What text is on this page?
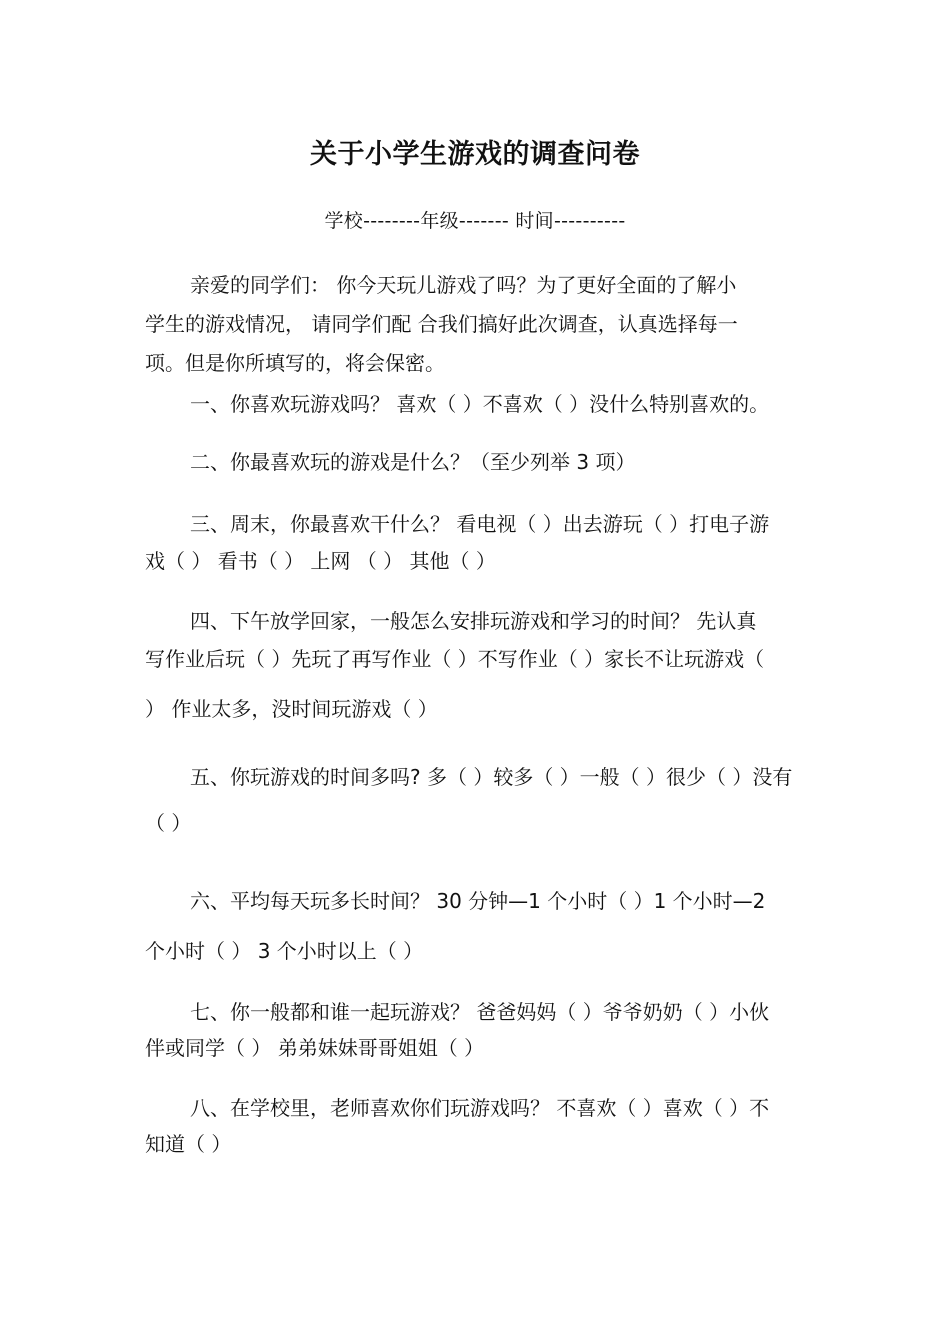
关于小学生游戏的调查问卷
学校--------年级------- 时间----------
亲爱的同学们： 你今天玩儿游戏了吗？为了更好全面的了解小
学生的游戏情况， 请同学们配 合我们搞好此次调查，认真选择每一
项。但是你所填写的，将会保密。
一、你喜欢玩游戏吗？ 喜欢（ ）不喜欢（ ）没什么特别喜欢的。
二、你最喜欢玩的游戏是什么？（至少列举 3 项）
三、周末，你最喜欢干什么？ 看电视（ ）出去游玩（ ）打电子游
戏（ ） 看书（ ） 上网 （ ） 其他（ ）
四、下午放学回家，一般怎么安排玩游戏和学习的时间？ 先认真
写作业后玩（ ）先玩了再写作业（ ）不写作业（ ）家长不让玩游戏（
） 作业太多，没时间玩游戏（ ）
五、你玩游戏的时间多吗? 多（ ）较多（ ）一般（ ）很少（ ）没有
（ ）
六、平均每天玩多长时间？ 30 分钟—1 个小时（ ）1 个小时—2
个小时（ ） 3 个小时以上（ ）
七、你一般都和谁一起玩游戏？ 爸爸妈妈（ ）爷爷奶奶（ ）小伙
伴或同学（ ） 弟弟妹妹哥哥姐姐（ ）
八、在学校里，老师喜欢你们玩游戏吗？ 不喜欢（ ）喜欢（ ）不
知道（ ）
